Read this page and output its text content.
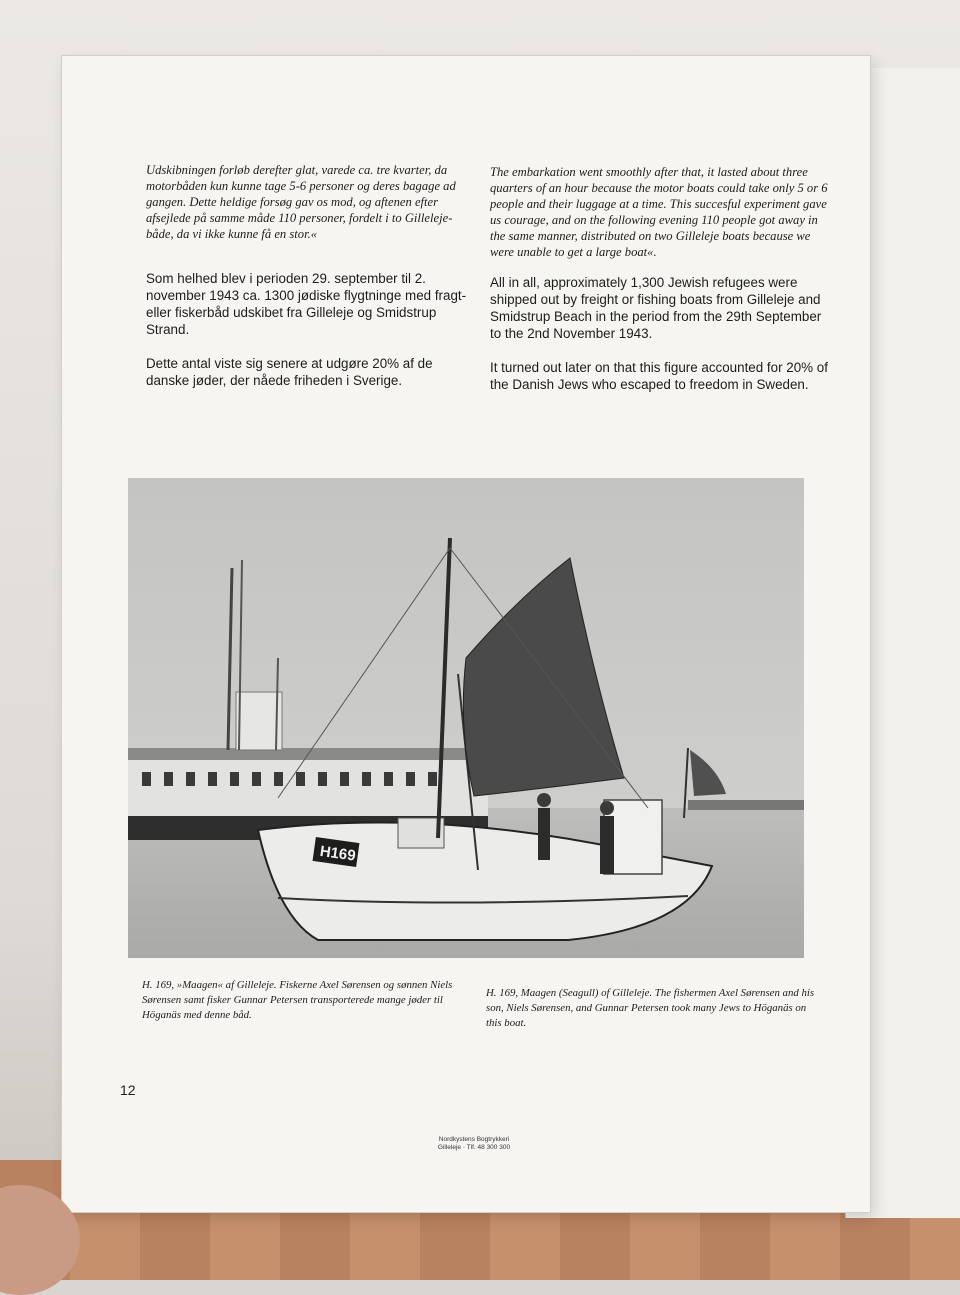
Udskibningen forløb derefter glat, varede ca. tre kvarter, da motorbåden kun kunne tage 5-6 personer og deres bagage ad gangen. Dette heldige forsøg gav os mod, og aftenen efter afsejlede på samme måde 110 personer, fordelt i to Gilleleje-både, da vi ikke kunne få en stor.«

Som helhed blev i perioden 29. september til 2. november 1943 ca. 1300 jødiske flygtninge med fragt- eller fiskerbåd udskibet fra Gilleleje og Smidstrup Strand.

Dette antal viste sig senere at udgøre 20% af de danske jøder, der nåede friheden i Sverige.

The embarkation went smoothly after that, it lasted about three quarters of an hour because the motor boats could take only 5 or 6 people and their luggage at a time. This succesful experiment gave us courage, and on the following evening 110 people got away in the same manner, distributed on two Gilleleje boats because we were unable to get a large boat«.

All in all, approximately 1,300 Jewish refugees were shipped out by freight or fishing boats from Gilleleje and Smidstrup Beach in the period from the 29th September to the 2nd November 1943.

It turned out later on that this figure accounted for 20% of the Danish Jews who escaped to freedom in Sweden.

H169
H. 169, »Maagen« af Gilleleje. Fiskerne Axel Sørensen og sønnen Niels Sørensen samt fisker Gunnar Petersen transporterede mange jøder til Höganäs med denne båd.
H. 169, Maagen (Seagull) of Gilleleje. The fishermen Axel Sørensen and his son, Niels Sørensen, and Gunnar Petersen took many Jews to Höganäs on this boat.
12
Nordkystens Bogtrykkeri
Gilleleje · Tlf. 48 300 300
